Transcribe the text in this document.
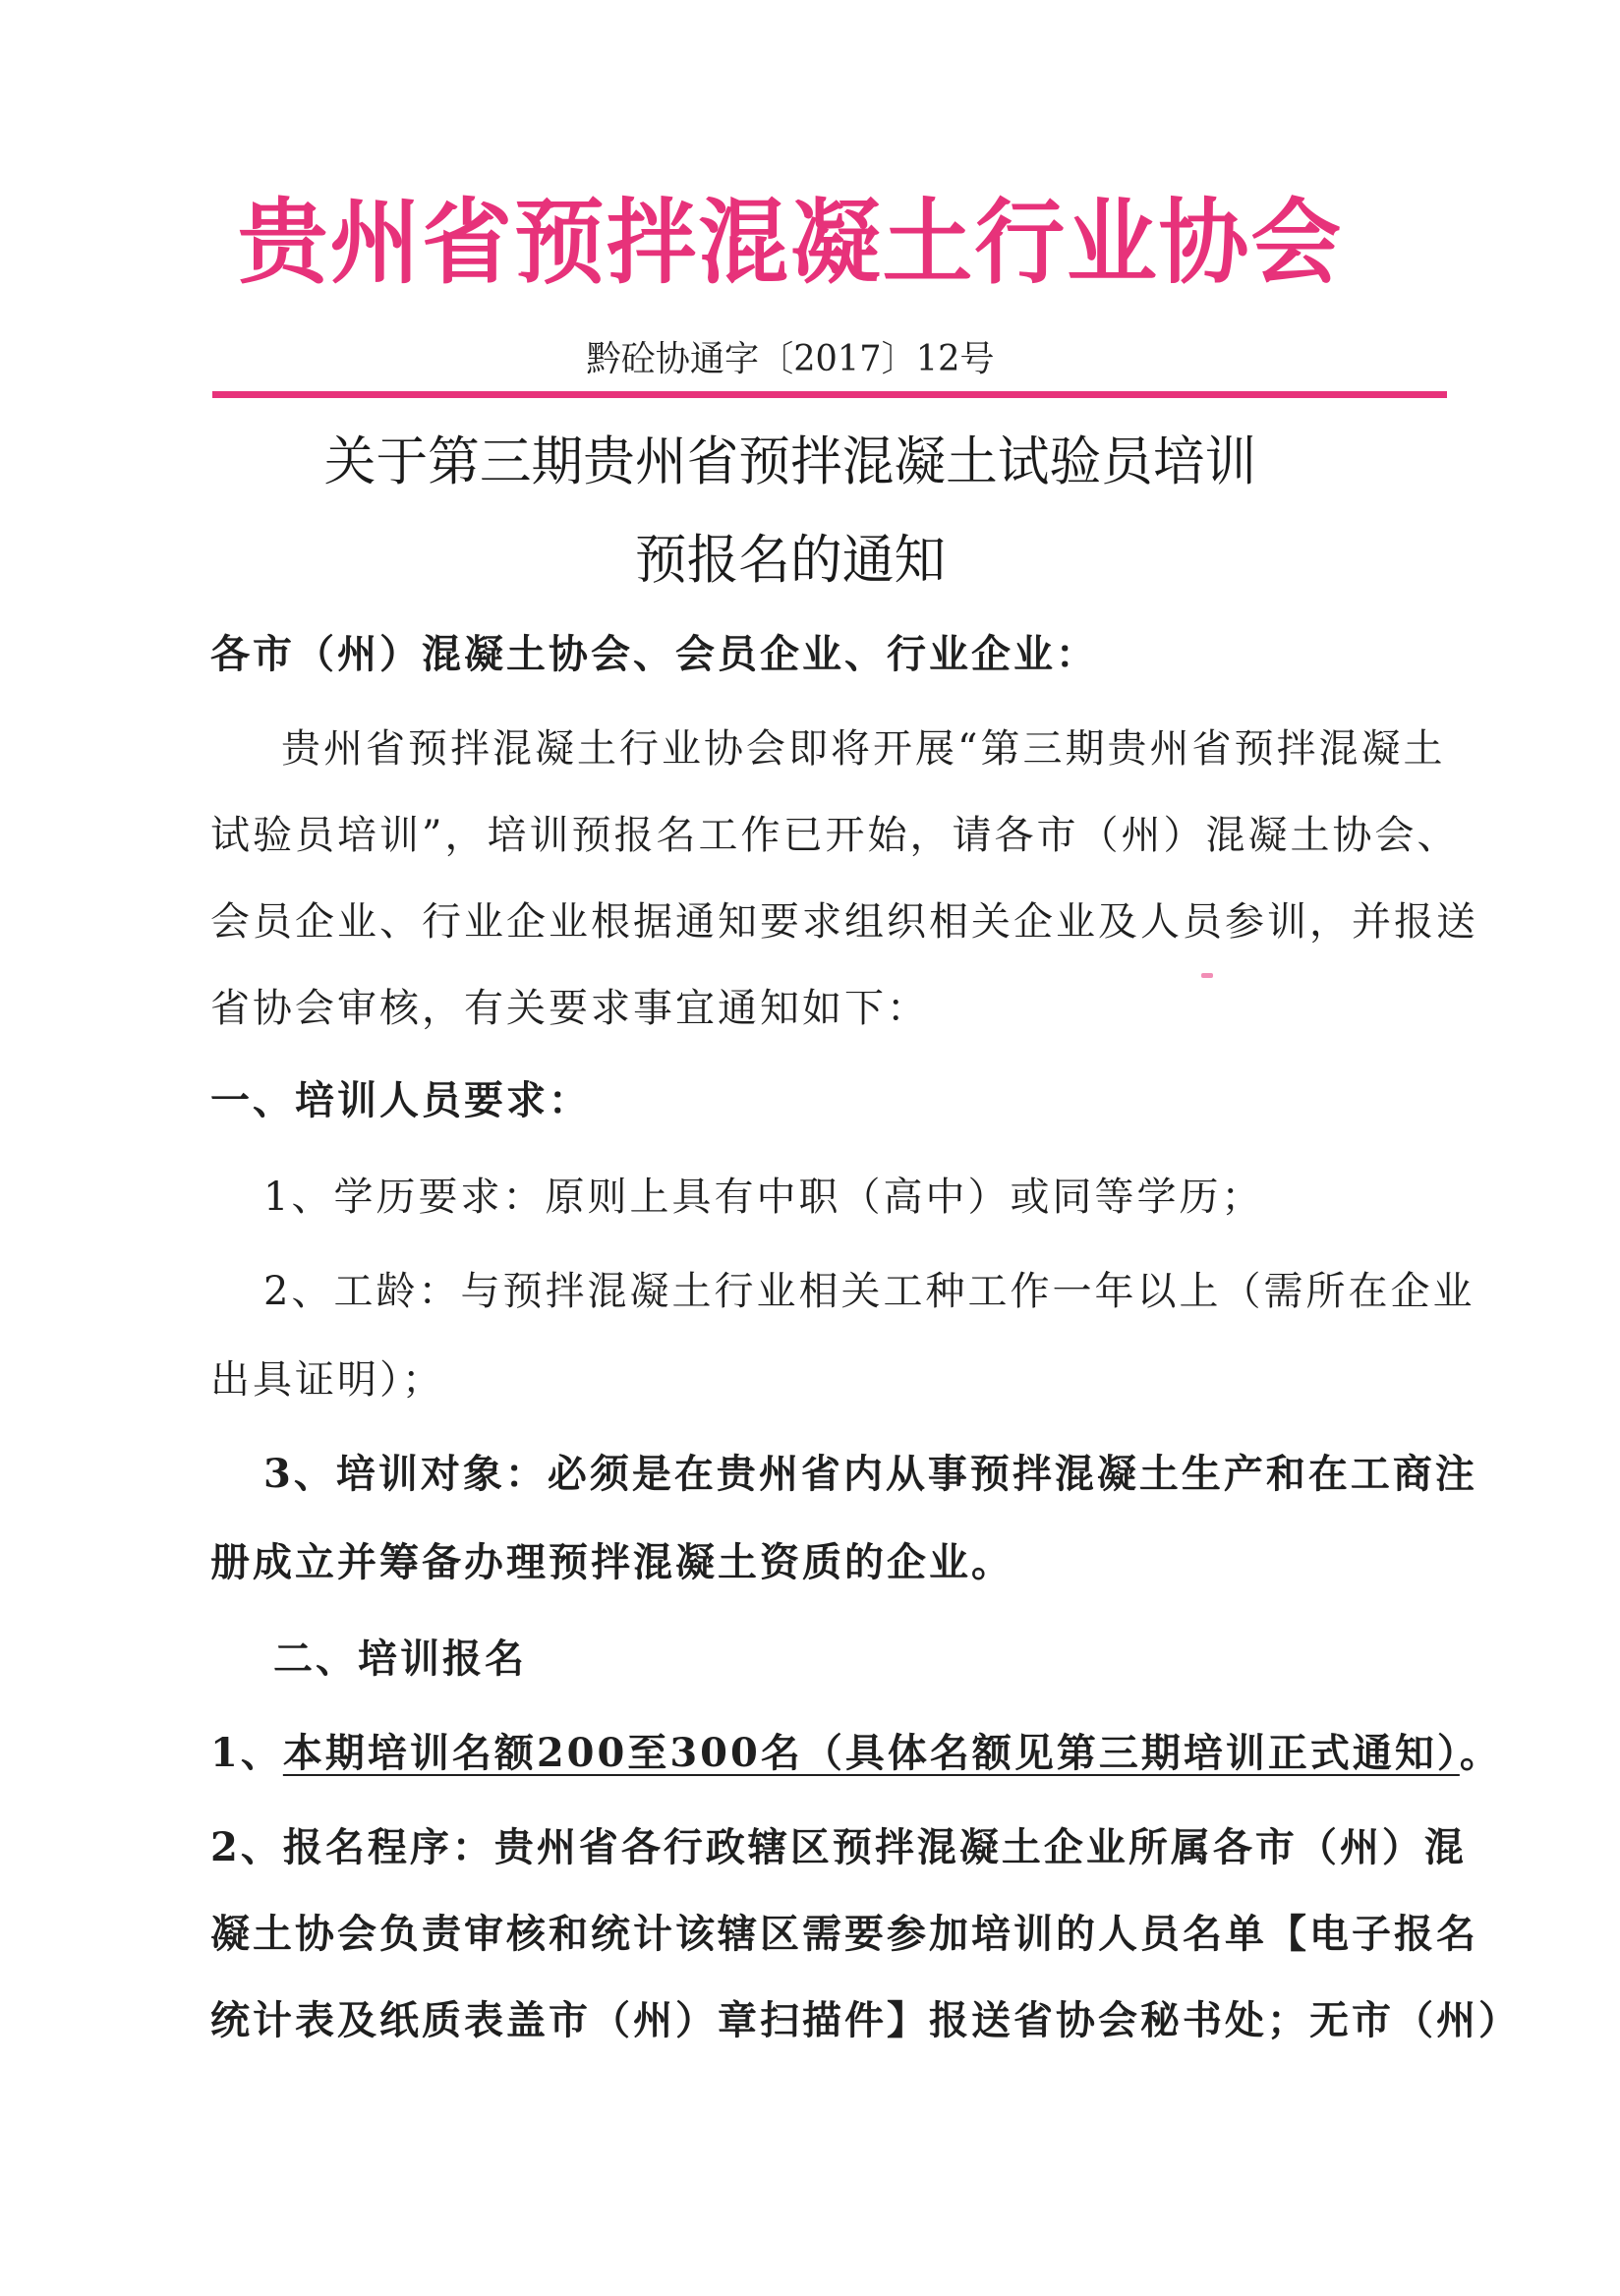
贵州省预拌混凝土行业协会
黔砼协通字〔2017〕12号
关于第三期贵州省预拌混凝土试验员培训
预报名的通知
各市（州）混凝土协会、会员企业、行业企业：
贵州省预拌混凝土行业协会即将开展“第三期贵州省预拌混凝土
试验员培训”，培训预报名工作已开始，请各市（州）混凝土协会、
会员企业、行业企业根据通知要求组织相关企业及人员参训，并报送
省协会审核，有关要求事宜通知如下：
一、培训人员要求：
1、学历要求：原则上具有中职（高中）或同等学历；
2、工龄：与预拌混凝土行业相关工种工作一年以上（需所在企业
出具证明）；
3、培训对象：必须是在贵州省内从事预拌混凝土生产和在工商注
册成立并筹备办理预拌混凝土资质的企业。
二、培训报名
1、本期培训名额200至300名（具体名额见第三期培训正式通知）。
2、报名程序：贵州省各行政辖区预拌混凝土企业所属各市（州）混
凝土协会负责审核和统计该辖区需要参加培训的人员名单【电子报名
统计表及纸质表盖市（州）章扫描件】报送省协会秘书处；无市（州）
